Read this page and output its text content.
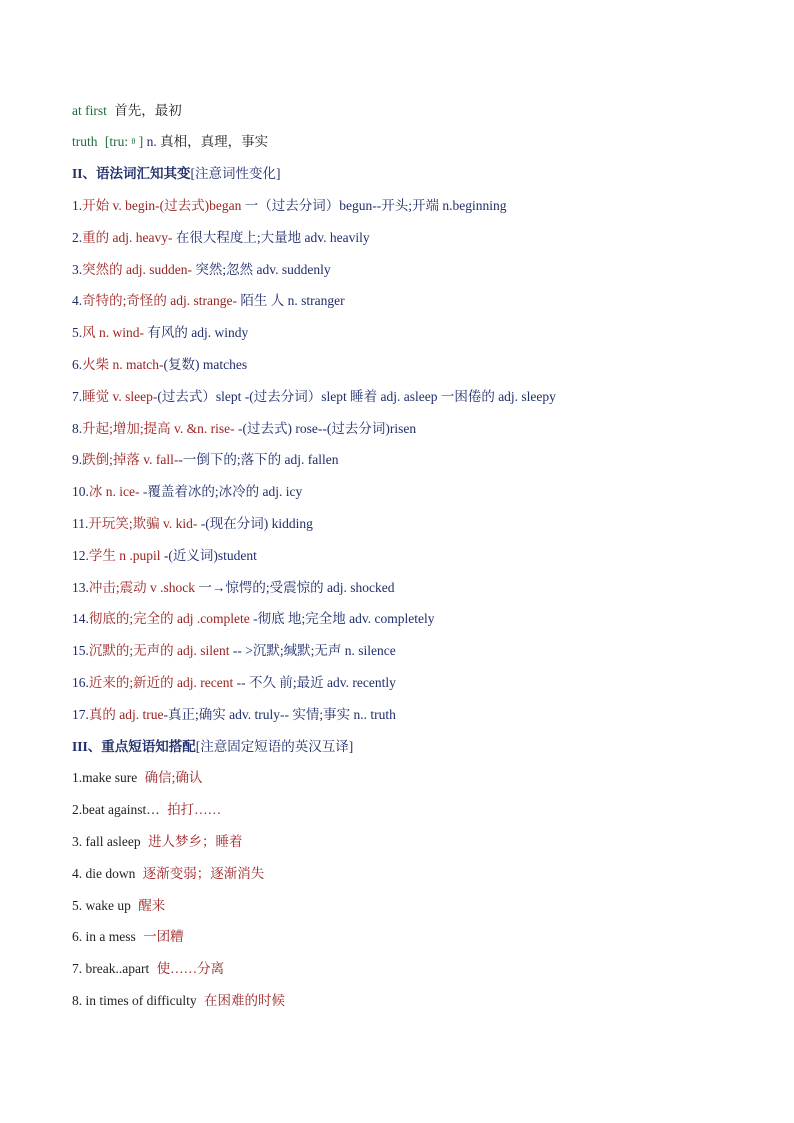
at first 首先，最初
truth [tru: θ ] n. 真相，真理，事实
II、语法词汇知其变[注意词性变化]
1.开始 v. begin-(过去式)began 一（过去分词）begun--开头;开端 n.beginning
2.重的 adj. heavy- 在很大程度上;大量地 adv. heavily
3.突然的 adj. sudden- 突然;忽然 adv. suddenly
4.奇特的;奇怪的 adj. strange- 陌生 人 n. stranger
5.风 n. wind- 有风的 adj. windy
6.火柴 n. match-(复数) matches
7.睡觉 v. sleep-(过去式）slept -(过去分词）slept 睡着 adj. asleep 一困倦的 adj. sleepy
8.升起;增加;提高 v. &n. rise- -(过去式) rose--(过去分词)risen
9.跌倒;掉落 v. fall--一倒下的;落下的 adj. fallen
10.冰 n. ice- -覆盖着冰的;冰冷的 adj. icy
11.开玩笑;欺骗 v. kid- -(现在分词) kidding
12.学生 n .pupil -(近义词)student
13.冲击;震动 v .shock 一→惊愕的;受震惊的 adj. shocked
14.彻底的;完全的 adj .complete -彻底 地;完全地 adv. completely
15.沉默的;无声的 adj. silent -- >沉默;缄默;无声 n. silence
16.近来的;新近的 adj. recent -- 不久 前;最近 adv. recently
17.真的 adj. true-真正;确实 adv. truly-- 实情;事实 n.. truth
III、重点短语知搭配[注意固定短语的英汉互译]
1.make sure 确信;确认
2.beat against… 拍打……
3. fall asleep 进人梦乡；睡着
4. die down 逐渐变弱；逐渐消失
5. wake up 醒来
6. in a mess 一团糟
7. break..apart 使……分离
8. in times of difficulty 在困难的时候
